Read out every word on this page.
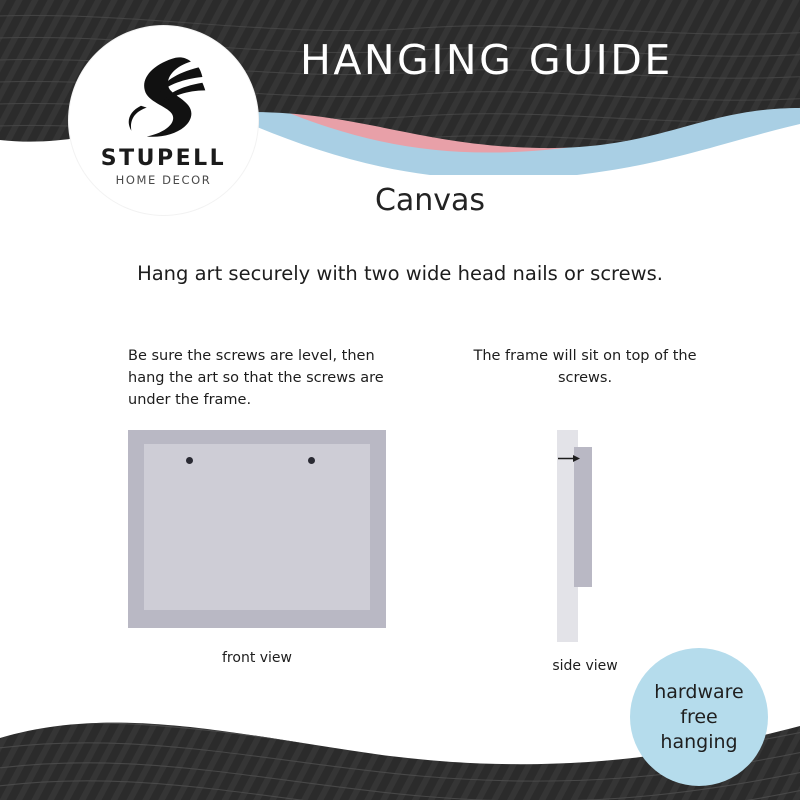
HANGING GUIDE
STUPELL
HOME DECOR
Canvas
Hang art securely with two wide head nails or screws.
Be sure the screws are level, then hang the art so that the screws are under the frame.
front view
The frame will sit on top of the screws.
side view
hardware
free
hanging
